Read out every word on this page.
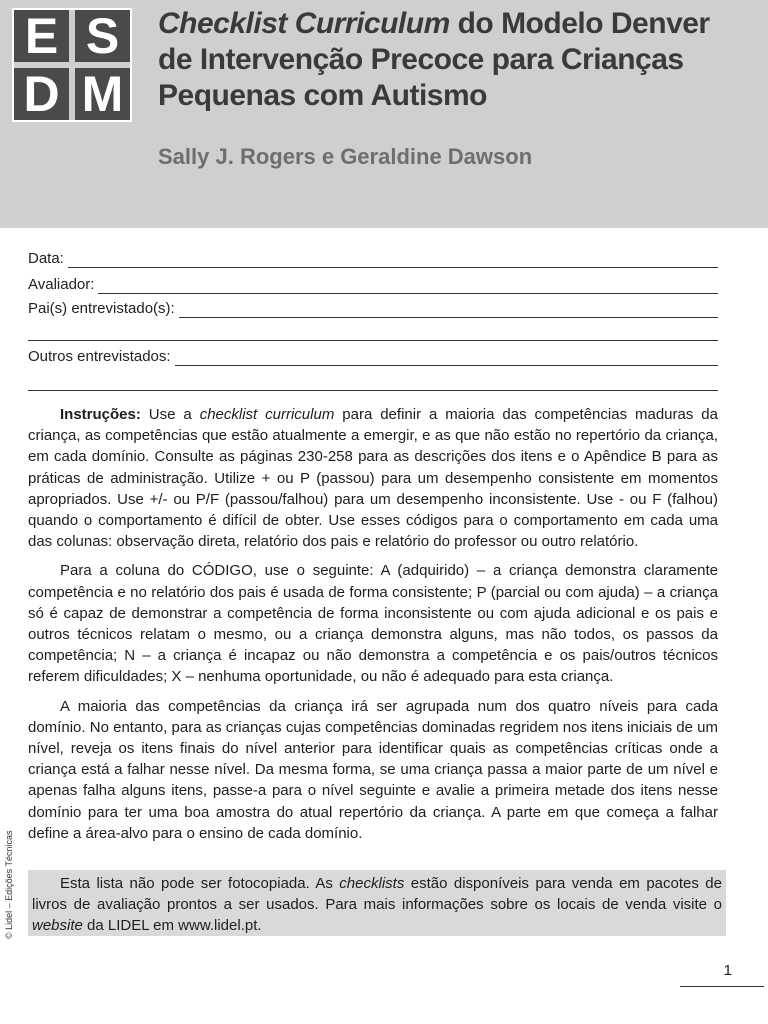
E S
D M
Checklist Curriculum do Modelo Denver
de Intervenção Precoce para Crianças
Pequenas com Autismo
Sally J. Rogers e Geraldine Dawson
Data:
Avaliador:
Pai(s) entrevistado(s):
Outros entrevistados:

Instruções: Use a checklist curriculum para definir a maioria das competências maduras da criança, as competências que estão atualmente a emergir, e as que não estão no repertório da criança, em cada domínio. Consulte as páginas 230-258 para as descrições dos itens e o Apêndice B para as práticas de administração. Utilize + ou P (passou) para um desempenho consistente em momentos apropriados. Use +/- ou P/F (passou/falhou) para um desempenho inconsistente. Use - ou F (falhou) quando o comportamento é difícil de obter. Use esses códigos para o comportamento em cada uma das colunas: observação direta, relatório dos pais e relatório do professor ou outro relatório.

Para a coluna do CÓDIGO, use o seguinte: A (adquirido) – a criança demonstra claramente competência e no relatório dos pais é usada de forma consistente; P (parcial ou com ajuda) – a criança só é capaz de demonstrar a competência de forma inconsistente ou com ajuda adicional e os pais e outros técnicos relatam o mesmo, ou a criança demonstra alguns, mas não todos, os passos da competência; N – a criança é incapaz ou não demonstra a competência e os pais/outros técnicos referem dificuldades; X – nenhuma oportunidade, ou não é adequado para esta criança.

A maioria das competências da criança irá ser agrupada num dos quatro níveis para cada domínio. No entanto, para as crianças cujas competências dominadas regridem nos itens iniciais de um nível, reveja os itens finais do nível anterior para identificar quais as competências críticas onde a criança está a falhar nesse nível. Da mesma forma, se uma criança passa a maior parte de um nível e apenas falha alguns itens, passe-a para o nível seguinte e avalie a primeira metade dos itens nesse domínio para ter uma boa amostra do atual repertório da criança. A parte em que começa a falhar define a área-alvo para o ensino de cada domínio.

Esta lista não pode ser fotocopiada. As checklists estão disponíveis para venda em pacotes de livros de avaliação prontos a ser usados. Para mais informações sobre os locais de venda visite o website da LIDEL em www.lidel.pt.

© Lidel – Edições Técnicas
1
